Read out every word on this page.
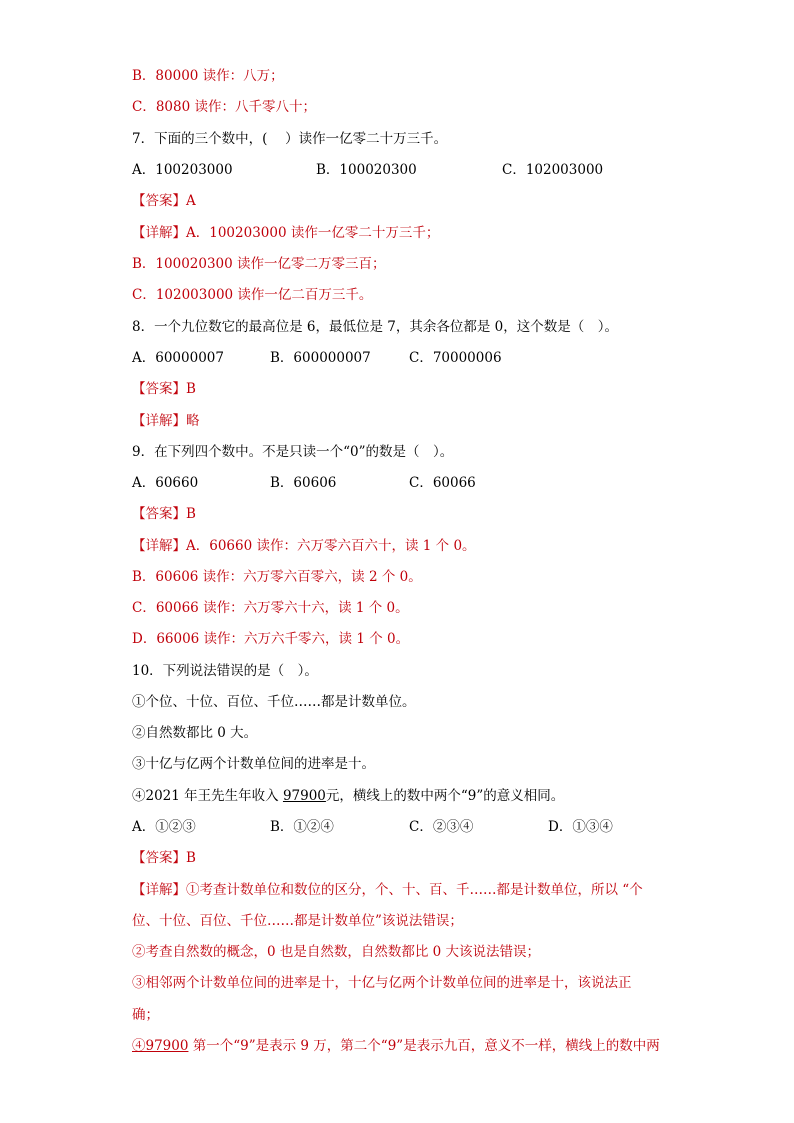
B．80000 读作：八万；
C．8080 读作：八千零八十；
7．下面的三个数中，(　 ）读作一亿零二十万三千。
A．100203000	B．100020300	C．102003000
【答案】A
【详解】A．100203000 读作一亿零二十万三千；
B．100020300 读作一亿零二万零三百；
C．102003000 读作一亿二百万三千。
8．一个九位数它的最高位是 6，最低位是 7，其余各位都是 0，这个数是（　）。
A．60000007	B．600000007	C．70000006
【答案】B
【详解】略
9．在下列四个数中。不是只读一个“0”的数是（　）。
A．60660	B．60606	C．60066
【答案】B
【详解】A．60660 读作：六万零六百六十，读 1 个 0。
B．60606 读作：六万零六百零六，读 2 个 0。
C．60066 读作：六万零六十六，读 1 个 0。
D．66006 读作：六万六千零六，读 1 个 0。
10．下列说法错误的是（　）。
①个位、十位、百位、千位……都是计数单位。
②自然数都比 0 大。
③十亿与亿两个计数单位间的进率是十。
④2021 年王先生年收入 97900元，横线上的数中两个“9”的意义相同。
A．①②③	B．①②④	C．②③④	D．①③④
【答案】B
【详解】①考查计数单位和数位的区分，个、十、百、千……都是计数单位，所以 “个
位、十位、百位、千位……都是计数单位”该说法错误；
②考查自然数的概念，0 也是自然数，自然数都比 0 大该说法错误；
③相邻两个计数单位间的进率是十，十亿与亿两个计数单位间的进率是十，该说法正
确；
④97900 第一个“9”是表示 9 万，第二个“9”是表示九百，意义不一样，横线上的数中两
